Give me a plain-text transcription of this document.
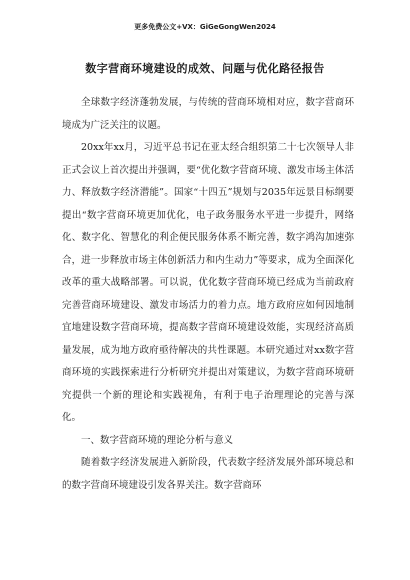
更多免费公文+VX：GiGeGongWen2024
数字营商环境建设的成效、问题与优化路径报告

全球数字经济蓬勃发展，与传统的营商环境相对应，数字营商环境成为广泛关注的议题。

20xx年xx月，习近平总书记在亚太经合组织第二十七次领导人非正式会议上首次提出并强调，要“优化数字营商环境、激发市场主体活力、释放数字经济潜能”。国家“十四五”规划与2035年远景目标纲要提出“数字营商环境更加优化，电子政务服务水平进一步提升，网络化、数字化、智慧化的利企便民服务体系不断完善，数字鸿沟加速弥合，进一步释放市场主体创新活力和内生动力”等要求，成为全面深化改革的重大战略部署。可以说，优化数字营商环境已经成为当前政府完善营商环境建设、激发市场活力的着力点。地方政府应如何因地制宜地建设数字营商环境，提高数字营商环境建设效能，实现经济高质量发展，成为地方政府亟待解决的共性课题。本研究通过对xx数字营商环境的实践探索进行分析研究并提出对策建议，为数字营商环境研究提供一个新的理论和实践视角，有利于电子治理理论的完善与深化。

一、数字营商环境的理论分析与意义

随着数字经济发展进入新阶段，代表数字经济发展外部环境总和的数字营商环境建设引发各界关注。数字营商环
